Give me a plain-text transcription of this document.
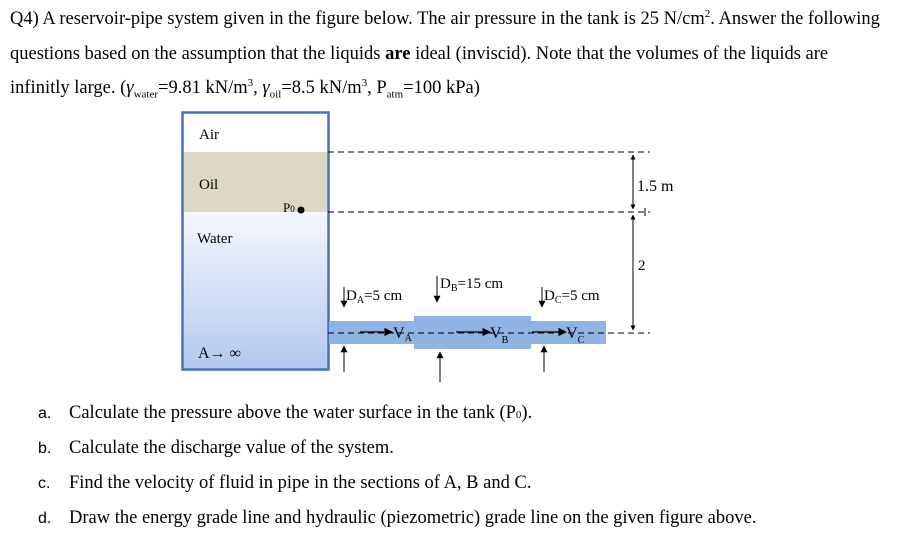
Q4) A reservoir-pipe system given in the figure below. The air pressure in the tank is 25 $N/cm^2$. Answer the following questions based on the assumption that the liquids are ideal (inviscid). Note that the volumes of the liquids are infinitly large. ($\gamma_{water}=9.81$ $kN/m^3$, $\gamma_{oil}=8.5$ $kN/m^3$, $P_{atm}=100$ kPa)
Air
Oil
Water
A→ ∞
P0
1.5 m
2
$D_A=5$ cm
$D_B=15$ cm
$D_C=5$ cm
VA	$V_B$	$V_C$
a. Calculate the pressure above the water surface in the tank (P0).
b. Calculate the discharge value of the system.
c. Find the velocity of fluid in pipe in the sections of A, B and C.
d. Draw the energy grade line and hydraulic (piezometric) grade line on the given figure above.
